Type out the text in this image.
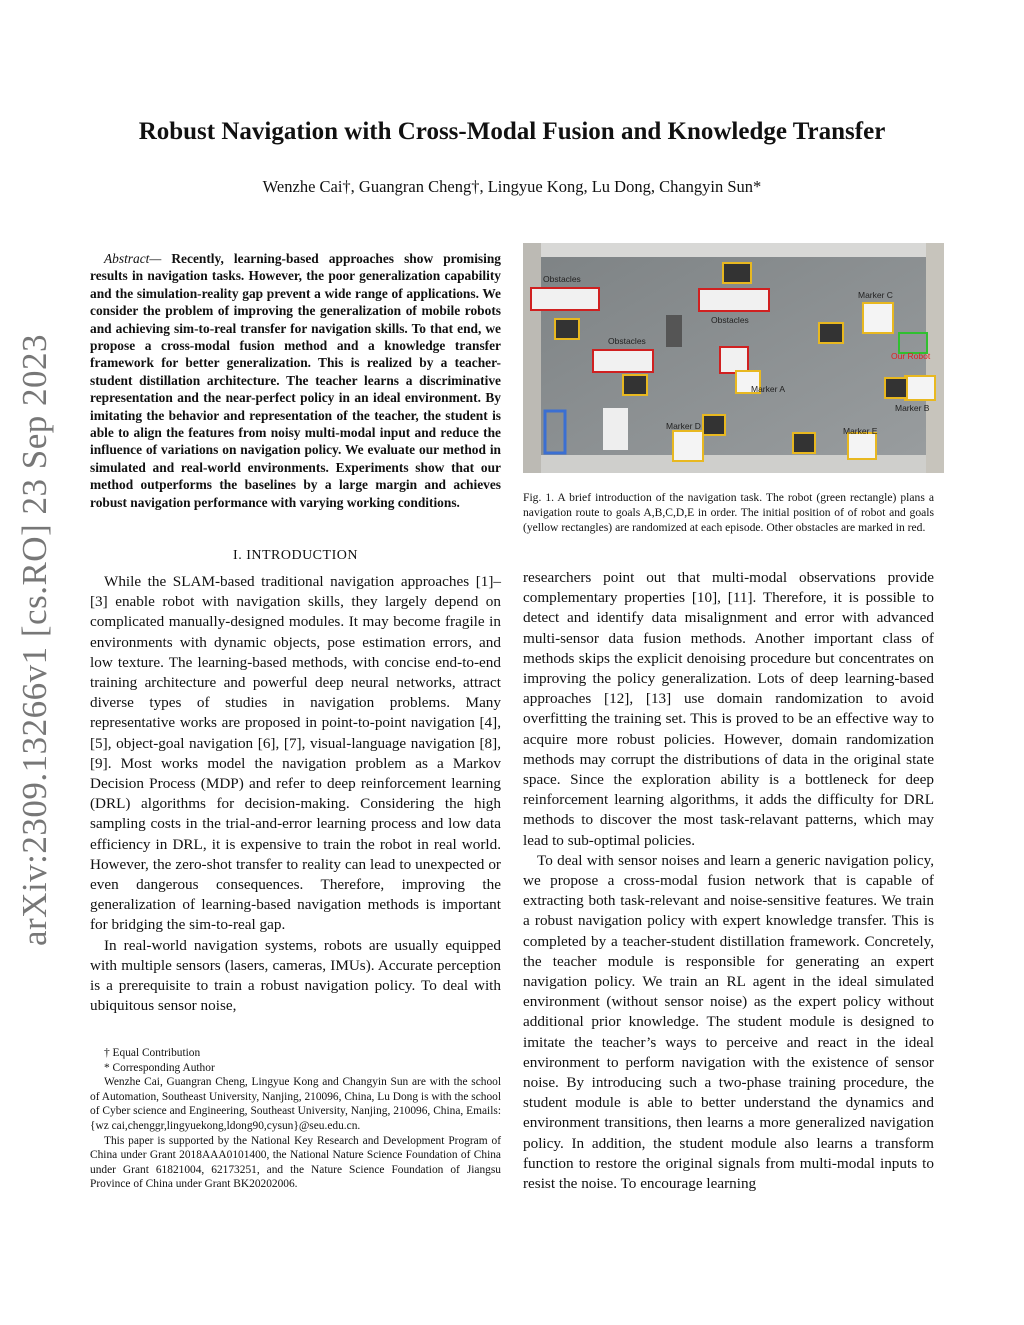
arXiv:2309.13266v1 [cs.RO] 23 Sep 2023
Robust Navigation with Cross-Modal Fusion and Knowledge Transfer
Wenzhe Cai†, Guangran Cheng†, Lingyue Kong, Lu Dong, Changyin Sun*
Abstract— Recently, learning-based approaches show promising results in navigation tasks. However, the poor generalization capability and the simulation-reality gap prevent a wide range of applications. We consider the problem of improving the generalization of mobile robots and achieving sim-to-real transfer for navigation skills. To that end, we propose a cross-modal fusion method and a knowledge transfer framework for better generalization. This is realized by a teacher-student distillation architecture. The teacher learns a discriminative representation and the near-perfect policy in an ideal environment. By imitating the behavior and representation of the teacher, the student is able to align the features from noisy multi-modal input and reduce the influence of variations on navigation policy. We evaluate our method in simulated and real-world environments. Experiments show that our method outperforms the baselines by a large margin and achieves robust navigation performance with varying working conditions.
I. INTRODUCTION

While the SLAM-based traditional navigation approaches [1]–[3] enable robot with navigation skills, they largely depend on complicated manually-designed modules. It may become fragile in environments with dynamic objects, pose estimation errors, and low texture. The learning-based methods, with concise end-to-end training architecture and powerful deep neural networks, attract diverse types of studies in navigation problems. Many representative works are proposed in point-to-point navigation [4], [5], object-goal navigation [6], [7], visual-language navigation [8], [9]. Most works model the navigation problem as a Markov Decision Process (MDP) and refer to deep reinforcement learning (DRL) algorithms for decision-making. Considering the high sampling costs in the trial-and-error learning process and low data efficiency in DRL, it is expensive to train the robot in real world. However, the zero-shot transfer to reality can lead to unexpected or even dangerous consequences. Therefore, improving the generalization of learning-based navigation methods is important for bridging the sim-to-real gap.

In real-world navigation systems, robots are usually equipped with multiple sensors (lasers, cameras, IMUs). Accurate perception is a prerequisite to train a robust navigation policy. To deal with ubiquitous sensor noise,

† Equal Contribution

* Corresponding Author

Wenzhe Cai, Guangran Cheng, Lingyue Kong and Changyin Sun are with the school of Automation, Southeast University, Nanjing, 210096, China, Lu Dong is with the school of Cyber science and Engineering, Southeast University, Nanjing, 210096, China, Emails: {wz cai,chenggr,lingyuekong,ldong90,cysun}@seu.edu.cn.

This paper is supported by the National Key Research and Development Program of China under Grant 2018AAA0101400, the National Nature Science Foundation of China under Grant 61821004, 62173251, and the Nature Science Foundation of Jiangsu Province of China under Grant BK20202006.

Obstacles
Obstacles
Obstacles
Marker A
Marker B
Marker C
Marker D	Marker E
Our Robot
Fig. 1. A brief introduction of the navigation task. The robot (green rectangle) plans a navigation route to goals A,B,C,D,E in order. The initial position of of robot and goals (yellow rectangles) are randomized at each episode. Other obstacles are marked in red.

researchers point out that multi-modal observations provide complementary properties [10], [11]. Therefore, it is possible to detect and identify data misalignment and error with advanced multi-sensor data fusion methods. Another important class of methods skips the explicit denoising procedure but concentrates on improving the policy generalization. Lots of deep learning-based approaches [12], [13] use domain randomization to avoid overfitting the training set. This is proved to be an effective way to acquire more robust policies. However, domain randomization methods may corrupt the distributions of data in the original state space. Since the exploration ability is a bottleneck for deep reinforcement learning algorithms, it adds the difficulty for DRL methods to discover the most task-relavant patterns, which may lead to sub-optimal policies.

To deal with sensor noises and learn a generic navigation policy, we propose a cross-modal fusion network that is capable of extracting both task-relevant and noise-sensitive features. We train a robust navigation policy with expert knowledge transfer. This is completed by a teacher-student distillation framework. Concretely, the teacher module is responsible for generating an expert navigation policy. We train an RL agent in the ideal simulated environment (without sensor noise) as the expert policy without additional prior knowledge. The student module is designed to imitate the teacher’s ways to perceive and react in the ideal environment to perform navigation with the existence of sensor noise. By introducing such a two-phase training procedure, the student module is able to better understand the dynamics and environment transitions, then learns a more generalized navigation policy. In addition, the student module also learns a transform function to restore the original signals from multi-modal inputs to resist the noise. To encourage learning
